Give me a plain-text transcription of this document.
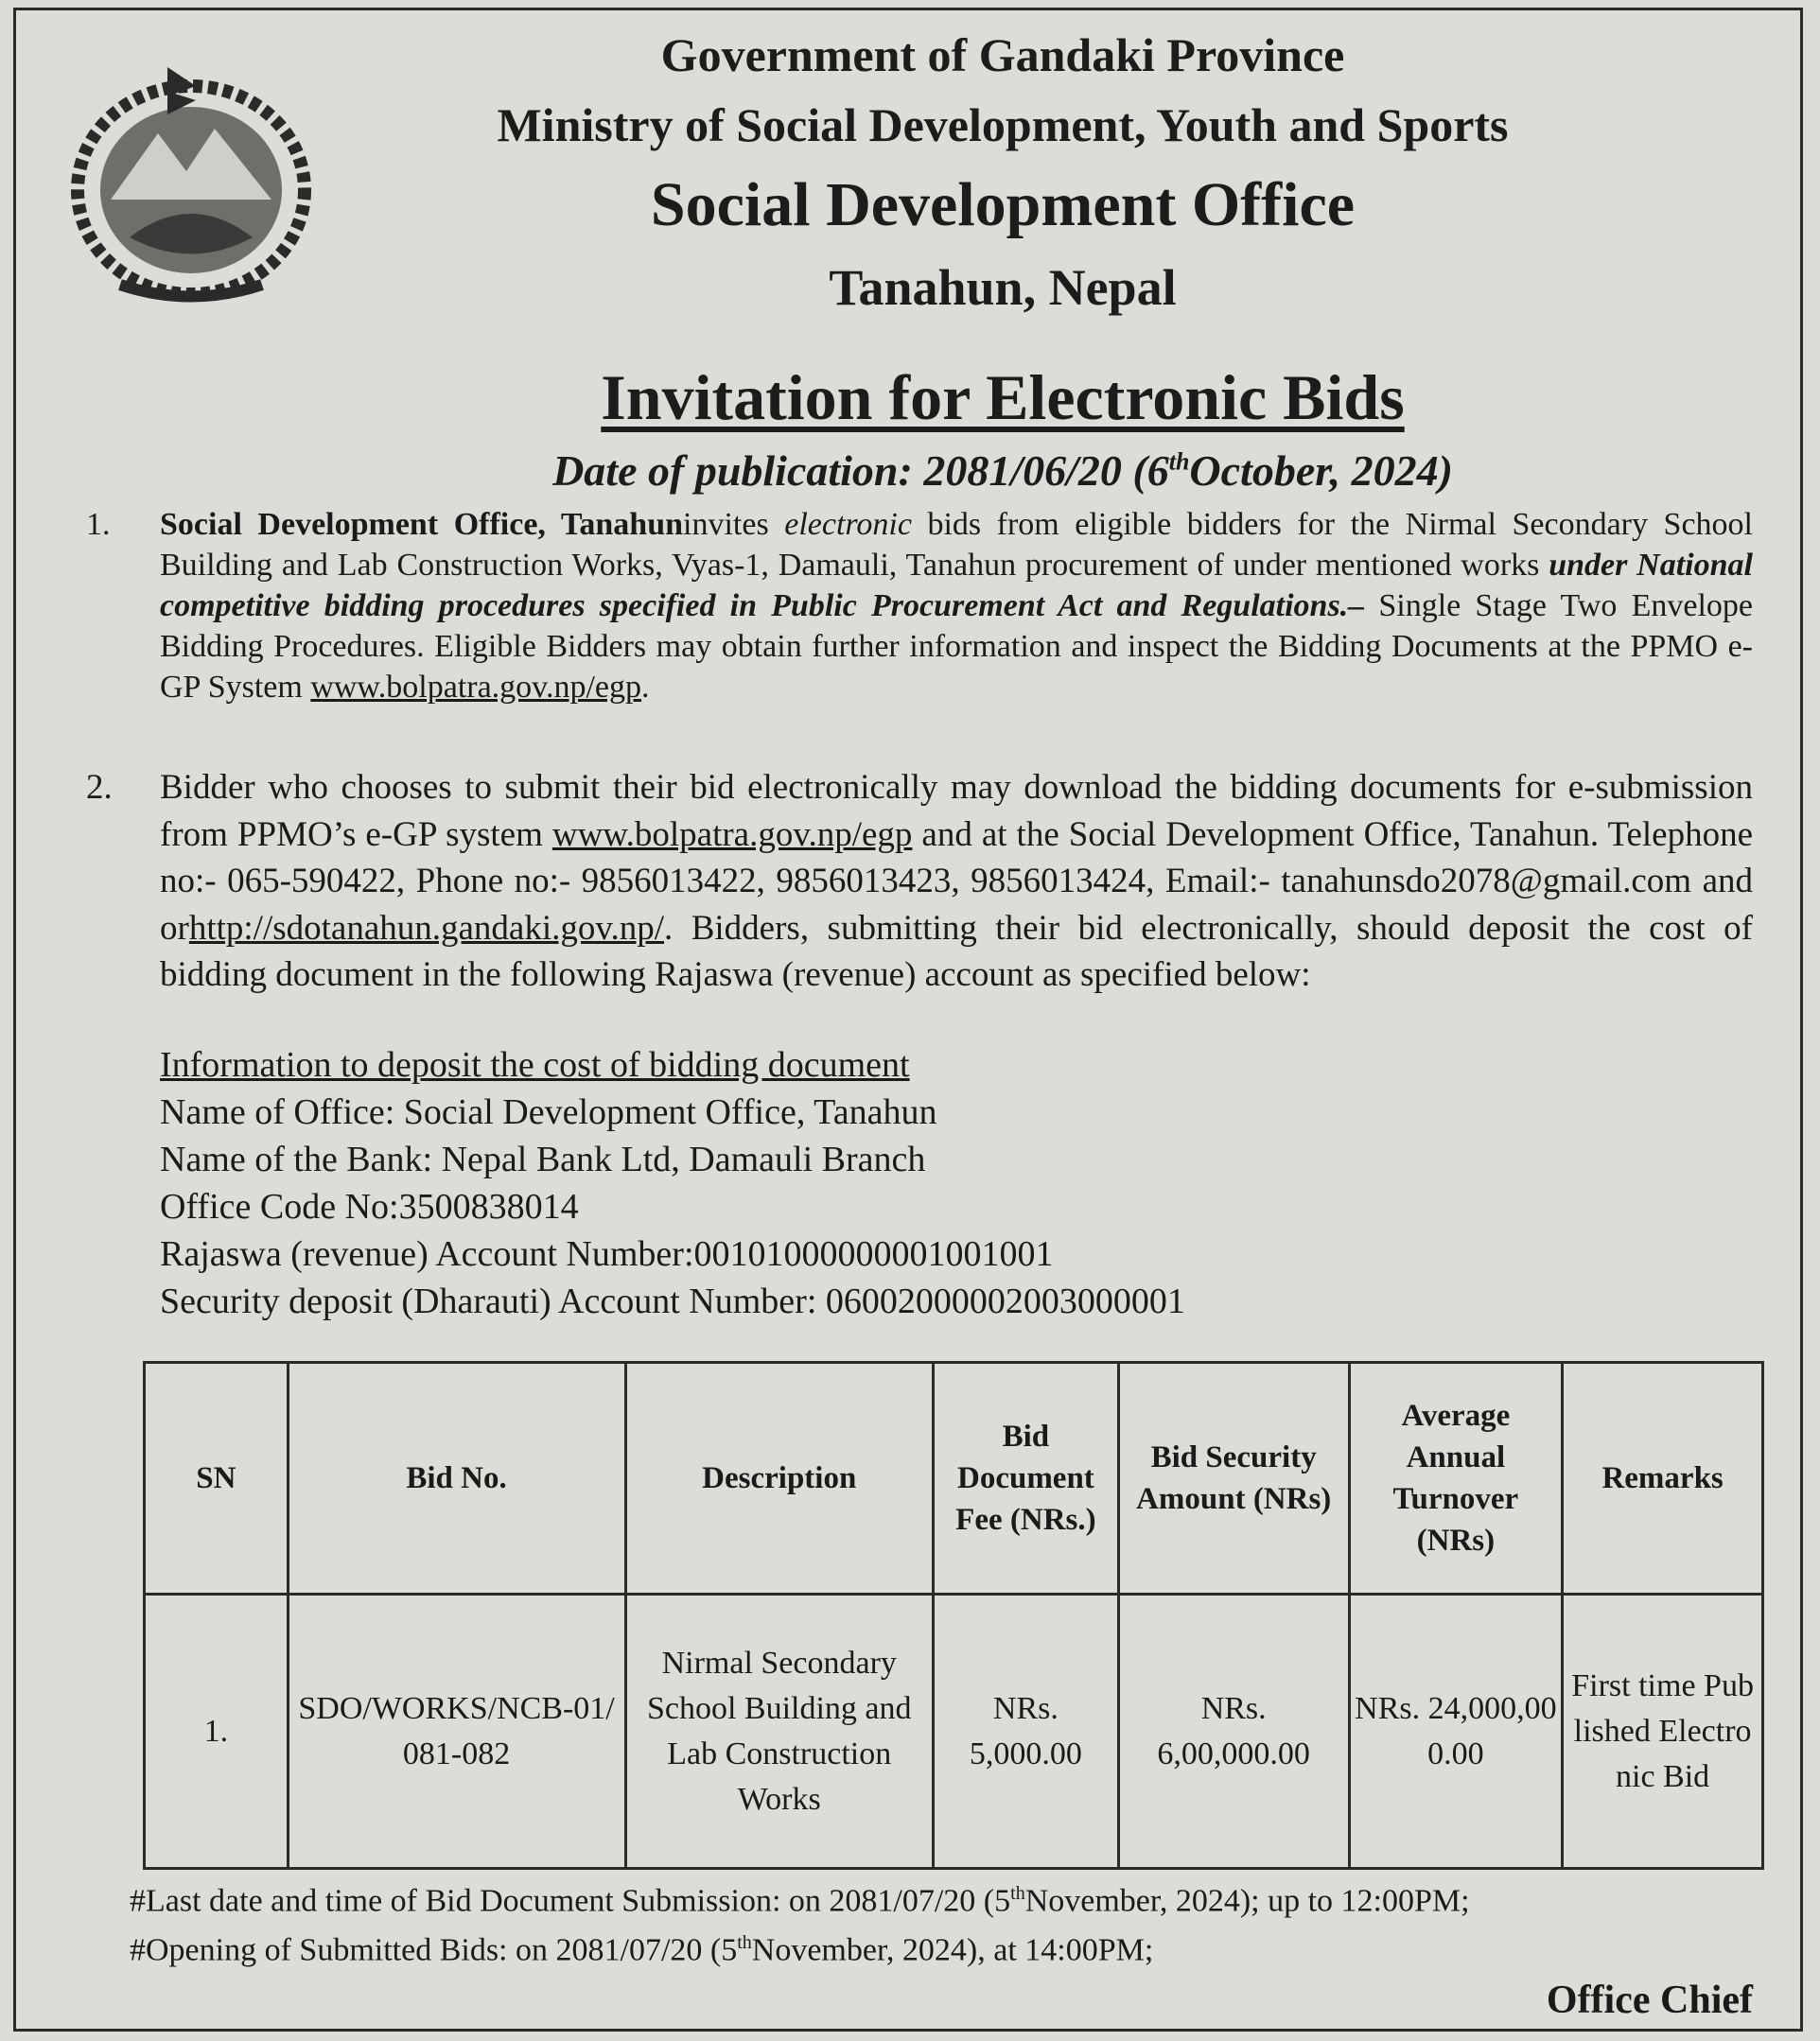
Government of Gandaki Province
Ministry of Social Development, Youth and Sports
Social Development Office
Tanahun, Nepal
Invitation for Electronic Bids
Date of publication: 2081/06/20 (6thOctober, 2024)
1. Social Development Office, Tanahuninvites electronic bids from eligible bidders for the Nirmal Secondary School Building and Lab Construction Works, Vyas-1, Damauli, Tanahun procurement of under mentioned works under National competitive bidding procedures specified in Public Procurement Act and Regulations.– Single Stage Two Envelope Bidding Procedures. Eligible Bidders may obtain further information and inspect the Bidding Documents at the PPMO e-GP System www.bolpatra.gov.np/egp.
2. Bidder who chooses to submit their bid electronically may download the bidding documents for e-submission from PPMO’s e-GP system www.bolpatra.gov.np/egp and at the Social Development Office, Tanahun. Telephone no:- 065-590422, Phone no:- 9856013422, 9856013423, 9856013424, Email:- tanahunsdo2078@gmail.com and orhttp://sdotanahun.gandaki.gov.np/. Bidders, submitting their bid electronically, should deposit the cost of bidding document in the following Rajaswa (revenue) account as specified below:
Information to deposit the cost of bidding document
Name of Office: Social Development Office, Tanahun
Name of the Bank: Nepal Bank Ltd, Damauli Branch
Office Code No:3500838014
Rajaswa (revenue) Account Number:00101000000001001001
Security deposit (Dharauti) Account Number: 06002000002003000001
SN	Bid No.	Description	Bid Document Fee (NRs.)	Bid Security Amount (NRs)	Average Annual Turnover (NRs)	Remarks
1.	SDO/WORKS/NCB-01/081-082	Nirmal Secondary School Building and Lab Construction Works	NRs. 5,000.00	NRs. 6,00,000.00	NRs. 24,000,000.00	First time Published Electronic Bid
#Last date and time of Bid Document Submission: on 2081/07/20 (5thNovember, 2024); up to 12:00PM;
#Opening of Submitted Bids: on 2081/07/20 (5thNovember, 2024), at 14:00PM;
Office Chief
